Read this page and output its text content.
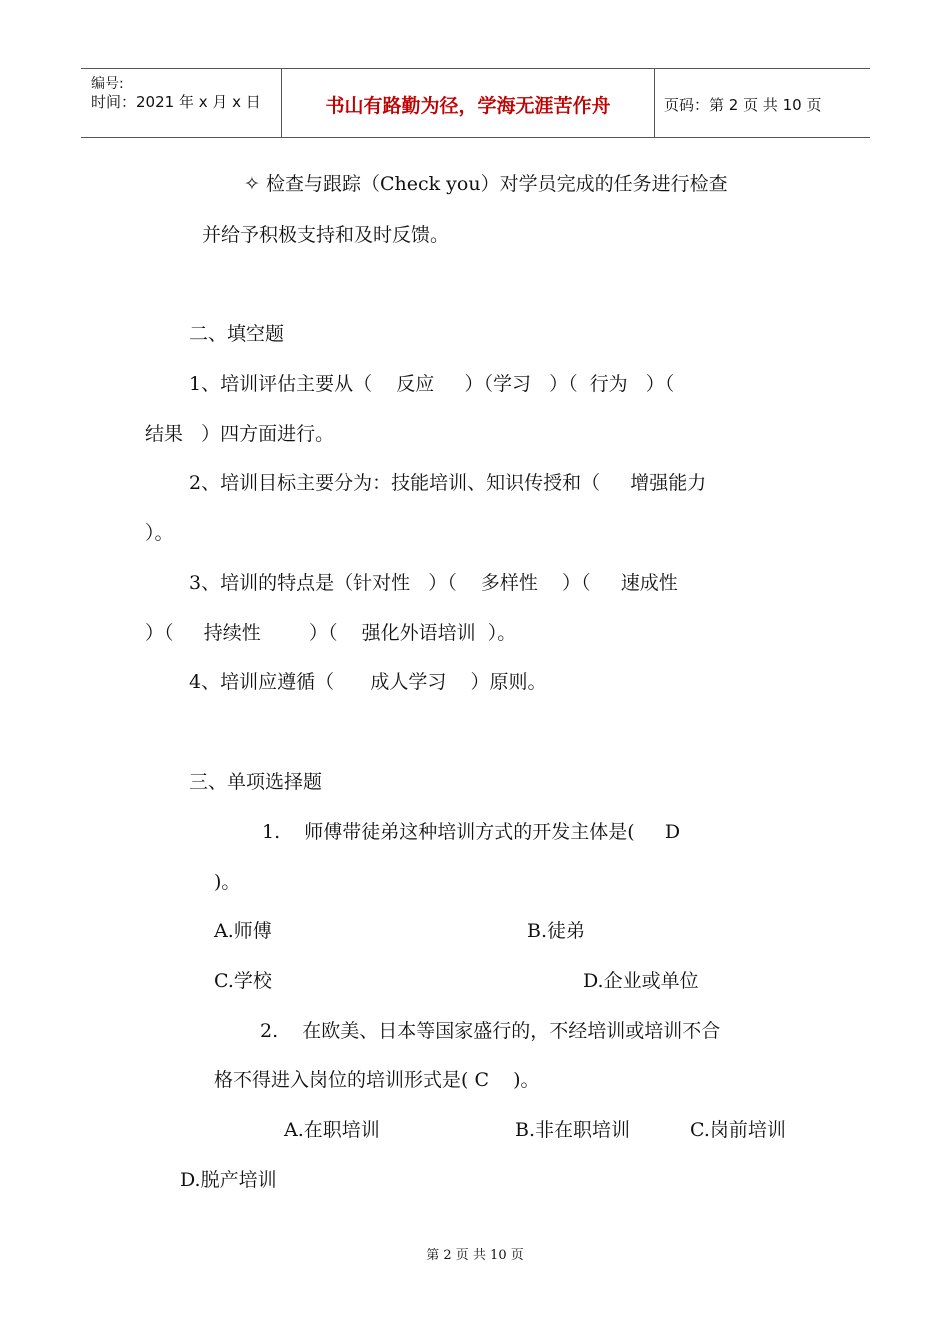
编号:
时间：2021 年 x 月 x 日	书山有路勤为径，学海无涯苦作舟	页码：第 2 页 共 10 页
✧ 检查与跟踪（Check you）对学员完成的任务进行检查
并给予积极支持和及时反馈。
二、填空题
1、培训评估主要从（    反应     ）（学习   ）（  行为   ）（
结果   ）四方面进行。
2、培训目标主要分为：技能培训、知识传授和（     增强能力
）。
3、培训的特点是（针对性   ）（    多样性    ）（     速成性
）（     持续性        ）（    强化外语培训  ）。
4、培训应遵循（      成人学习    ）原则。
三、单项选择题
1.    师傅带徒弟这种培训方式的开发主体是(     D
)。
A.师傅	B.徒弟
C.学校	D.企业或单位
2.    在欧美、日本等国家盛行的，不经培训或培训不合
格不得进入岗位的培训形式是( C    )。
A.在职培训	B.非在职培训	C.岗前培训
D.脱产培训
第 2 页 共 10 页
